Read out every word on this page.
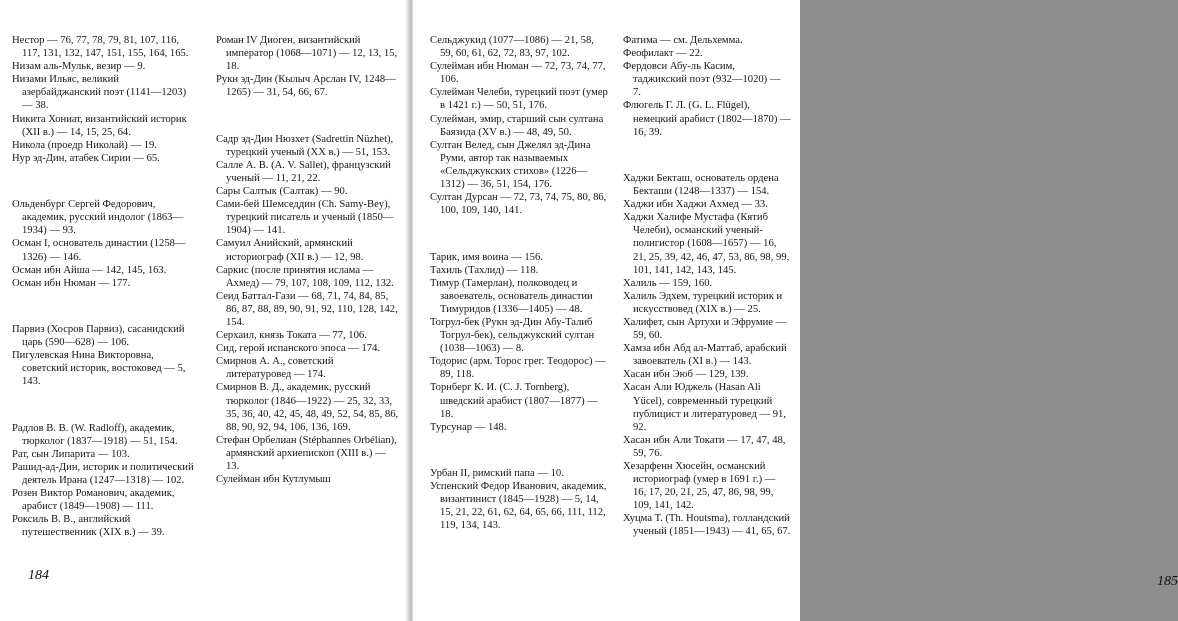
Нестор — 76, 77, 78, 79, 81, 107, 116, 117, 131, 132, 147, 151, 155, 164, 165.

Низам аль-Мульк, везир — 9.

Низами Ильяс, великий азербайджанский поэт (1141—1203) — 38.

Никита Хониат, византийский историк (XII в.) — 14, 15, 25, 64.

Никола (проедр Николай) — 19.

Нур эд-Дин, атабек Сирии — 65.

Ольденбург Сергей Федорович, академик, русский индолог (1863—1934) — 93.

Осман I, основатель династии (1258—1326) — 146.

Осман ибн Айша — 142, 145, 163.

Осман ибн Нюман — 177.

Парвиз (Хосров Парвиз), сасанидский царь (590—628) — 106.

Пигулевская Нина Викторовна, советский историк, востоковед — 5, 143.

Радлов В. В. (W. Radloff), академик, тюрколог (1837—1918) — 51, 154.

Рат, сын Липарита — 103.

Рашид-ад-Дин, историк и политический деятель Ирана (1247—1318) — 102.

Розен Виктор Романович, академик, арабист (1849—1908) — 111.

Роксиль В. В., английский путешественник (XIX в.) — 39.

Роман IV Диоген, византийский император (1068—1071) — 12, 13, 15, 18.

Рукн эд-Дин (Кылыч Арслан IV, 1248—1265) — 31, 54, 66, 67.

Садр эд-Дин Нюзхет (Sadrettin Nüzhet), турецкий ученый (XX в.) — 51, 153.

Салле А. В. (A. V. Sallet), французский ученый — 11, 21, 22.

Сары Салтык (Салтак) — 90.

Сами-бей Шемседдин (Ch. Samy-Bey), турецкий писатель и ученый (1850—1904) — 141.

Самуил Анийский, армянский историограф (XII в.) — 12, 98.

Саркис (после принятия ислама — Ахмед) — 79, 107, 108, 109, 112, 132.

Сеид Баттал-Гази — 68, 71, 74, 84, 85, 86, 87, 88, 89, 90, 91, 92, 110, 128, 142, 154.

Серхаил, князь Токата — 77, 106.

Сид, герой испанского эпоса — 174.

Смирнов А. А., советский литературовед — 174.

Смирнов В. Д., академик, русский тюрколог (1846—1922) — 25, 32, 33, 35, 36, 40, 42, 45, 48, 49, 52, 54, 85, 86, 88, 90, 92, 94, 106, 136, 169.

Стефан Орбелиан (Stéphannes Orbélian), армянский архиепископ (XIII в.) — 13.

Сулейман ибн Кутлумыш

184	185

Сельджукид (1077—1086) — 21, 58, 59, 60, 61, 62, 72, 83, 97, 102.

Сулейман ибн Нюман — 72, 73, 74, 77, 106.

Сулейман Челеби, турецкий поэт (умер в 1421 г.) — 50, 51, 176.

Сулейман, эмир, старший сын султана Баязида (XV в.) — 48, 49, 50.

Султан Велед, сын Джелял эд-Дина Руми, автор так называемых «Сельджукских стихов» (1226—1312) — 36, 51, 154, 176.

Султан Дурсан — 72, 73, 74, 75, 80, 86, 100, 109, 140, 141.

Тарик, имя воина — 156.

Тахиль (Тахлид) — 118.

Тимур (Тамерлан), полководец и завоеватель, основатель династии Тимуридов (1336—1405) — 48.

Тогрул-бек (Рукн эд-Дин Абу-Талиб Тогрул-бек), сельджукский султан (1038—1063) — 8.

Тодорис (арм. Торос грег. Теодорос) — 89, 118.

Торнберг К. И. (C. J. Tornberg), шведский арабист (1807—1877) — 18.

Турсунар — 148.

Урбан II, римский папа — 10.

Успенский Федор Иванович, академик, византинист (1845—1928) — 5, 14, 15, 21, 22, 61, 62, 64, 65, 66, 111, 112, 119, 134, 143.

Фатима — см. Дельхемма.

Феофилакт — 22.

Фердовси Абу-ль Касим, таджикский поэт (932—1020) — 7.

Флюгель Г. Л. (G. L. Flügel), немецкий арабист (1802—1870) — 16, 39.

Хаджи Бекташ, основатель ордена Бекташи (1248—1337) — 154.

Хаджи ибн Хаджи Ахмед — 33.

Хаджи Халифе Мустафа (Кятиб Челеби), османский ученый-полигистор (1608—1657) — 16, 21, 25, 39, 42, 46, 47, 53, 86, 98, 99, 101, 141, 142, 143, 145.

Халиль — 159, 160.

Халиль Эдхем, турецкий историк и искусствовед (XIX в.) — 25.

Халифет, сын Артухи и Эфрумие — 59, 60.

Хамза ибн Абд ал-Маттаб, арабский завоеватель (XI в.) — 143.

Хасан ибн Эюб — 129, 139.

Хасан Али Юджель (Hasan Ali Yücel), современный турецкий публицист и литературовед — 91, 92.

Хасан ибн Али Токати — 17, 47, 48, 59, 76.

Хезарфенн Хюсейн, османский историограф (умер в 1691 г.) — 16, 17, 20, 21, 25, 47, 86, 98, 99, 109, 141, 142.

Хуцма Т. (Th. Houtsma), голландский ученый (1851—1943) — 41, 65, 67.
